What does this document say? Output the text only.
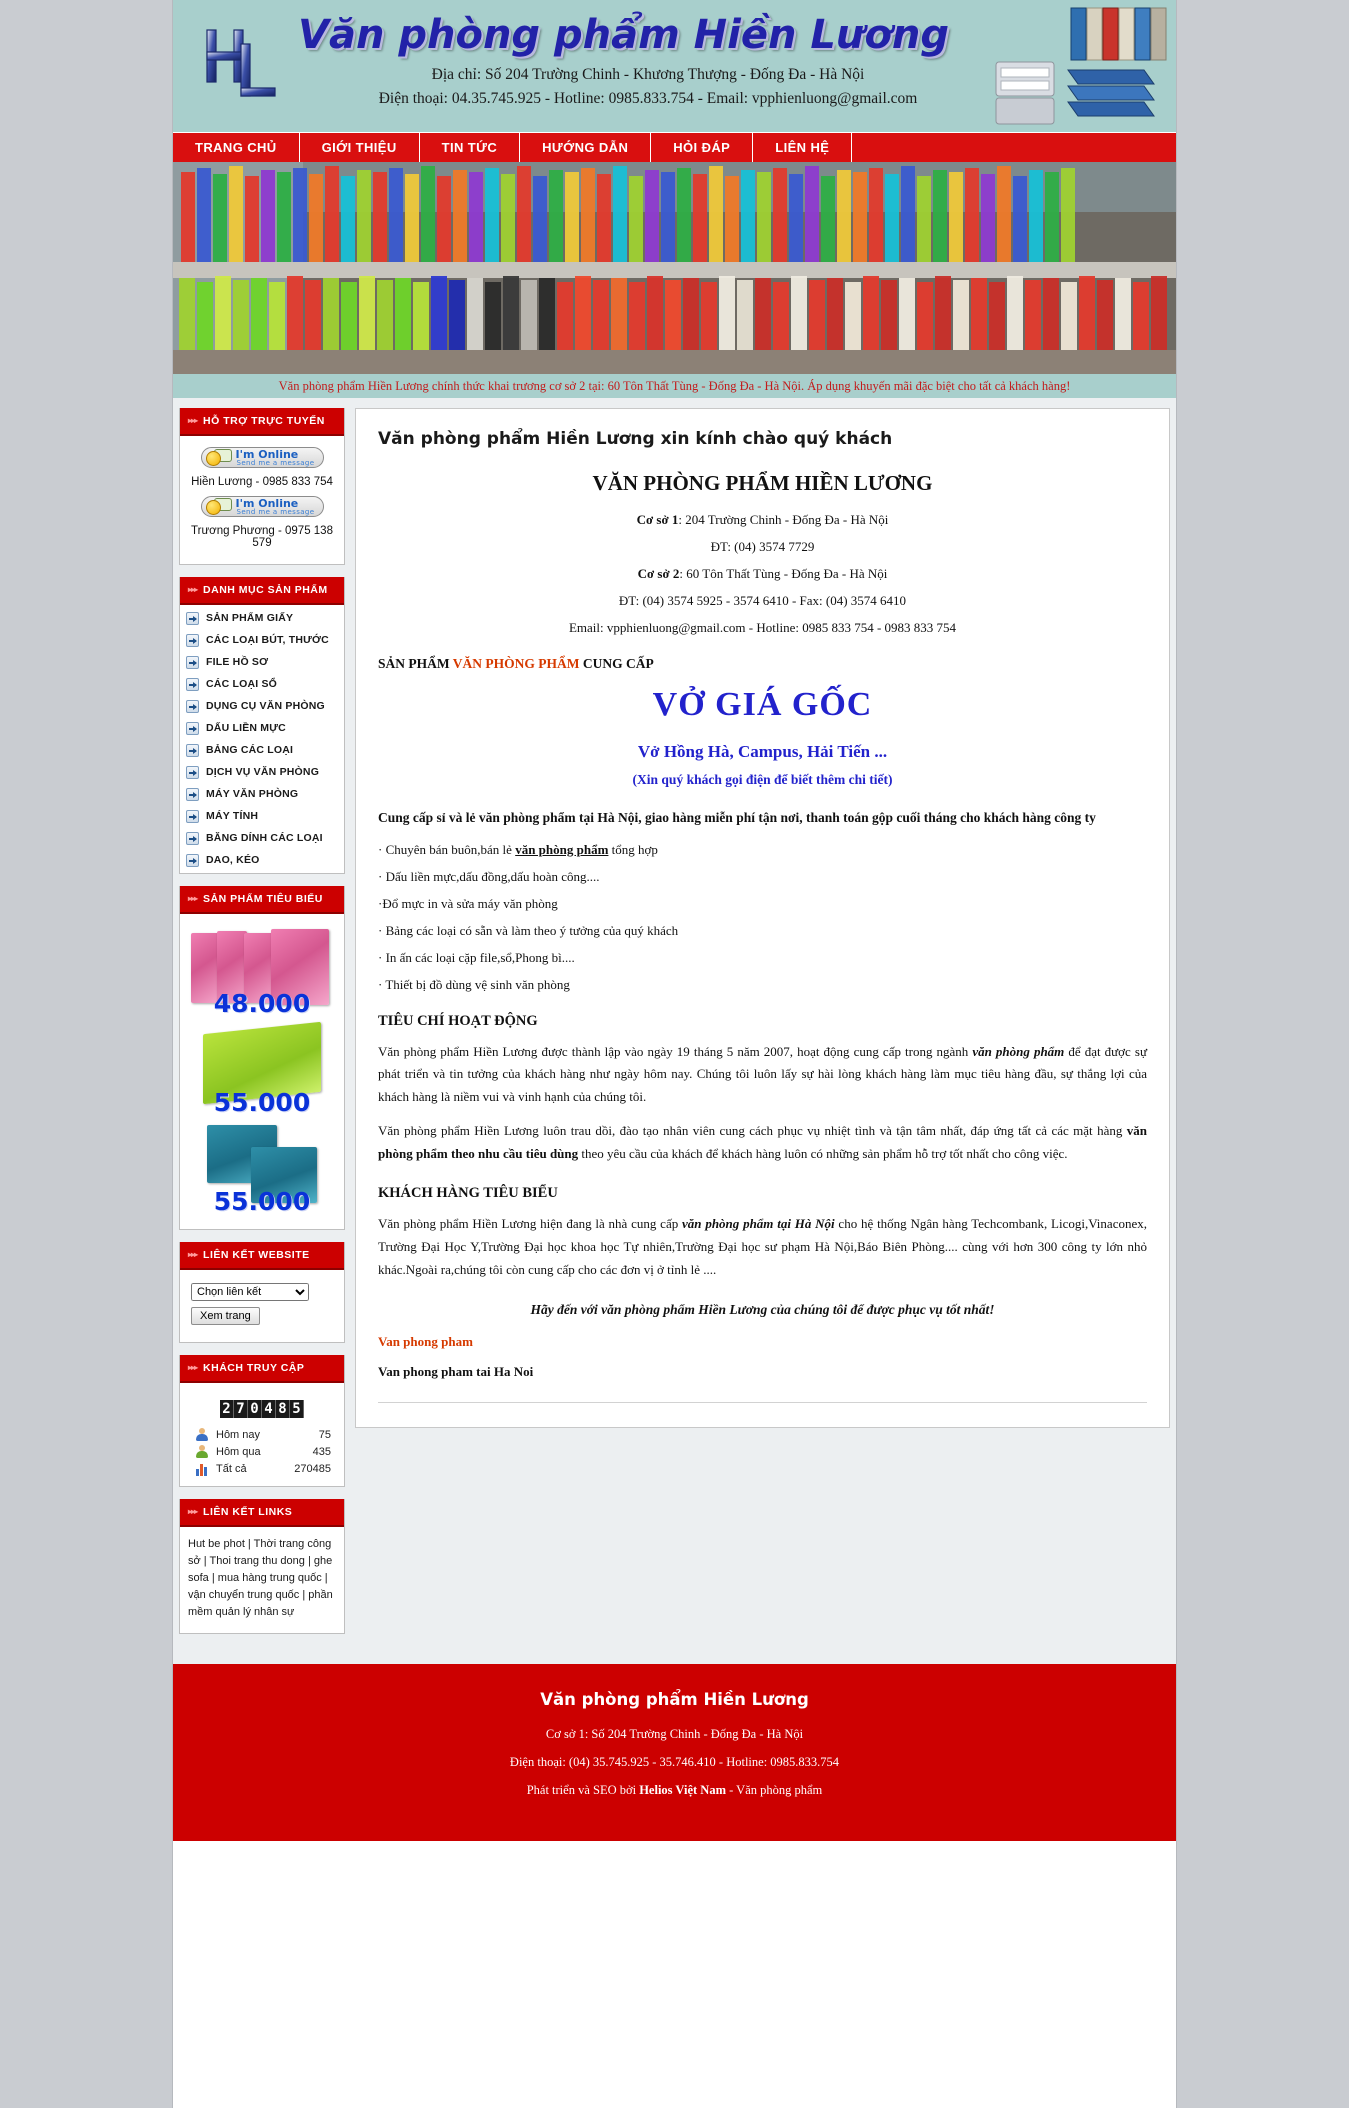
Văn phòng phẩm Hiền Lương
Địa chỉ: Số 204 Trường Chinh - Khương Thượng - Đống Đa - Hà Nội
Điện thoại: 04.35.745.925 - Hotline: 0985.833.754 - Email: vpphienluong@gmail.com
TRANG CHỦ	GIỚI THIỆU	TIN TỨC	HƯỚNG DẪN	HỎI ĐÁP	LIÊN HỆ
Văn phòng phẩm Hiền Lương chính thức khai trương cơ sở 2 tại: 60 Tôn Thất Tùng - Đống Đa - Hà Nội. Áp dụng khuyến mãi đặc biệt cho tất cả khách hàng!
▸▸▸ HỖ TRỢ TRỰC TUYẾN
I'm Online
Send me a message
Hiền Lương - 0985 833 754
I'm Online
Send me a message
Trương Phương - 0975 138 579
▸▸▸ DANH MỤC SẢN PHẨM
SẢN PHẨM GIẤY
CÁC LOẠI BÚT, THƯỚC
FILE HỒ SƠ
CÁC LOẠI SỔ
DỤNG CỤ VĂN PHÒNG
DẤU LIỀN MỰC
BẢNG CÁC LOẠI
DỊCH VỤ VĂN PHÒNG
MÁY VĂN PHÒNG
MÁY TÍNH
BĂNG DÍNH CÁC LOẠI
DAO, KÉO
▸▸▸ SẢN PHẨM TIÊU BIỂU
48.000
55.000
55.000
▸▸▸ LIÊN KẾT WEBSITE
Chọn liên kết
Xem trang
▸▸▸ KHÁCH TRUY CẬP
2 7 0 4 8 5
Hôm nay	75
Hôm qua	435
Tất cả	270485
▸▸▸ LIÊN KẾT LINKS
Hut be phot | Thời trang công sở | Thoi trang thu dong | ghe sofa | mua hàng trung quốc | vận chuyển trung quốc | phần mềm quản lý nhân sự
Văn phòng phẩm Hiền Lương xin kính chào quý khách
VĂN PHÒNG PHẨM HIỀN LƯƠNG

Cơ sở 1: 204 Trường Chinh - Đống Đa - Hà Nội

ĐT: (04) 3574 7729

Cơ sở 2: 60 Tôn Thất Tùng - Đống Đa - Hà Nội

ĐT: (04) 3574 5925 - 3574 6410 - Fax: (04) 3574 6410

Email: vpphienluong@gmail.com - Hotline: 0985 833 754 - 0983 833 754

SẢN PHẨM VĂN PHÒNG PHẨM CUNG CẤP
VỞ GIÁ GỐC
Vở Hồng Hà, Campus, Hải Tiến ...
(Xin quý khách gọi điện để biết thêm chi tiết)

Cung cấp sỉ và lẻ văn phòng phẩm tại Hà Nội, giao hàng miễn phí tận nơi, thanh toán gộp cuối tháng cho khách hàng công ty

· Chuyên bán buôn,bán lẻ văn phòng phẩm tổng hợp

· Dấu liền mực,dấu đồng,dấu hoàn công....

·Đổ mực in và sửa máy văn phòng

· Bảng các loại có sẵn và làm theo ý tưởng của quý khách

· In ấn các loại cặp file,sổ,Phong bì....

· Thiết bị đồ dùng vệ sinh văn phòng

TIÊU CHÍ HOẠT ĐỘNG

Văn phòng phẩm Hiền Lương được thành lập vào ngày 19 tháng 5 năm 2007, hoạt động cung cấp trong ngành văn phòng phẩm để đạt được sự phát triển và tin tưởng của khách hàng như ngày hôm nay. Chúng tôi luôn lấy sự hài lòng khách hàng làm mục tiêu hàng đầu, sự thắng lợi của khách hàng là niềm vui và vinh hạnh của chúng tôi.

Văn phòng phẩm Hiền Lương luôn trau dồi, đào tạo nhân viên cung cách phục vụ nhiệt tình và tận tâm nhất, đáp ứng tất cả các mặt hàng văn phòng phẩm theo nhu cầu tiêu dùng theo yêu cầu của khách để khách hàng luôn có những sản phẩm hỗ trợ tốt nhất cho công việc.

KHÁCH HÀNG TIÊU BIỂU

Văn phòng phẩm Hiền Lương hiện đang là nhà cung cấp văn phòng phẩm tại Hà Nội cho hệ thống Ngân hàng Techcombank, Licogi,Vinaconex, Trường Đại Học Y,Trường Đại học khoa học Tự nhiên,Trường Đại học sư phạm Hà Nội,Báo Biên Phòng.... cùng với hơn 300 công ty lớn nhỏ khác.Ngoài ra,chúng tôi còn cung cấp cho các đơn vị ở tỉnh lẻ ....

Hãy đến với văn phòng phẩm Hiền Lương của chúng tôi để được phục vụ tốt nhất!

Van phong pham

Van phong pham tai Ha Noi

Văn phòng phẩm Hiền Lương
Cơ sở 1: Số 204 Trường Chinh - Đống Đa - Hà Nội
Điện thoại: (04) 35.745.925 - 35.746.410 - Hotline: 0985.833.754
Phát triển và SEO bởi Helios Việt Nam - Văn phòng phẩm
